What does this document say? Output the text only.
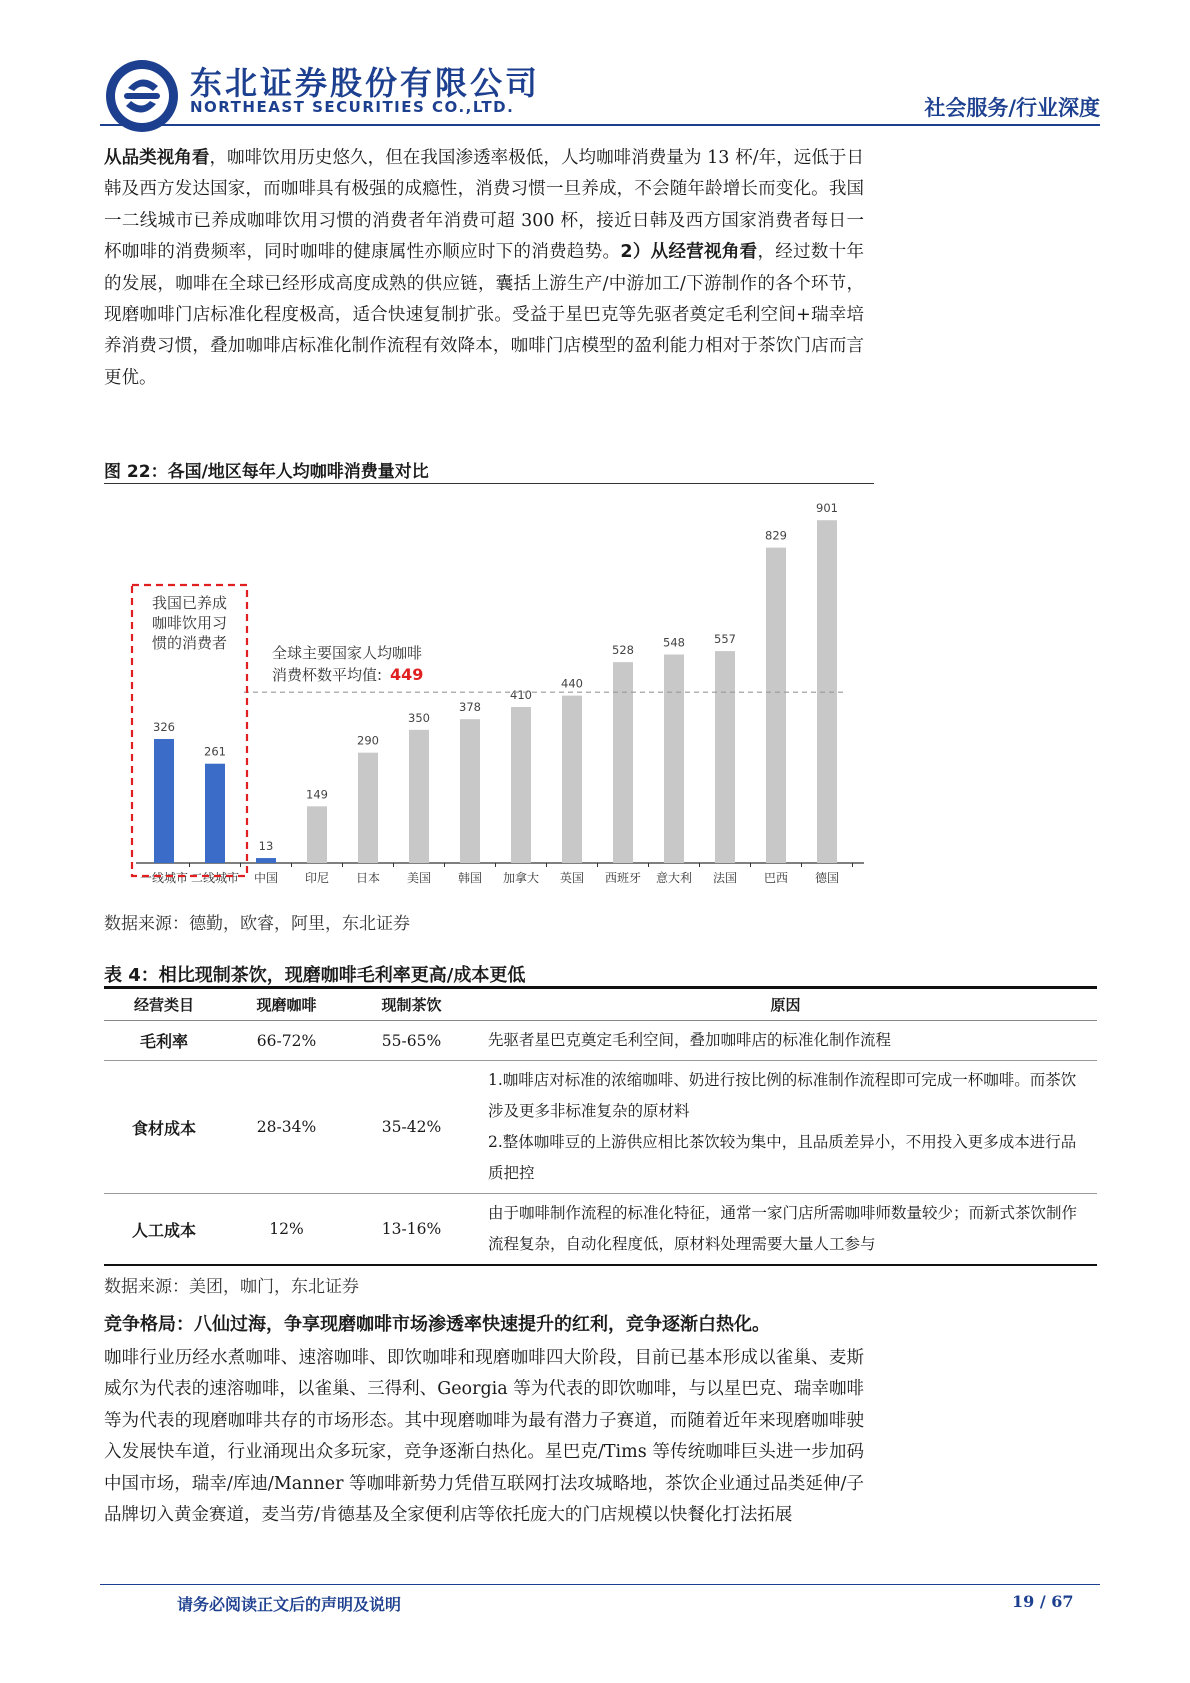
东北证券股份有限公司
NORTHEAST SECURITIES CO.,LTD.	社会服务/行业深度

从品类视角看，咖啡饮用历史悠久，但在我国渗透率极低，人均咖啡消费量为 13 杯/年，远低于日韩及西方发达国家，而咖啡具有极强的成瘾性，消费习惯一旦养成，不会随年龄增长而变化。我国一二线城市已养成咖啡饮用习惯的消费者年消费可超 300 杯，接近日韩及西方国家消费者每日一杯咖啡的消费频率，同时咖啡的健康属性亦顺应时下的消费趋势。2）从经营视角看，经过数十年的发展，咖啡在全球已经形成高度成熟的供应链，囊括上游生产/中游加工/下游制作的各个环节，现磨咖啡门店标准化程度极高，适合快速复制扩张。受益于星巴克等先驱者奠定毛利空间+瑞幸培养消费习惯，叠加咖啡店标准化制作流程有效降本，咖啡门店模型的盈利能力相对于茶饮门店而言更优。

图 22：各国/地区每年人均咖啡消费量对比
326
一线城市
261
二线城市
13
中国
149
印尼
290
日本
350
美国
378
韩国
410
加拿大
440
英国
528
西班牙
548
意大利
557
法国
829
巴西
901
德国
全球主要国家人均咖啡
消费杯数平均值: 449
我国已养成
咖啡饮用习
惯的消费者
数据来源：德勤，欧睿，阿里，东北证券
表 4：相比现制茶饮，现磨咖啡毛利率更高/成本更低
经营类目	现磨咖啡	现制茶饮	原因
毛利率	66-72%	55-65%	先驱者星巴克奠定毛利空间，叠加咖啡店的标准化制作流程

食材成本	28-34%	35-42%	1.咖啡店对标准的浓缩咖啡、奶进行按比例的标准制作流程即可完成一杯咖啡。而茶饮涉及更多非标准复杂的原材料
2.整体咖啡豆的上游供应相比茶饮较为集中，且品质差异小，不用投入更多成本进行品质把控

人工成本	12%	13-16%	由于咖啡制作流程的标准化特征，通常一家门店所需咖啡师数量较少；而新式茶饮制作流程复杂，自动化程度低，原材料处理需要大量人工参与
数据来源：美团，咖门，东北证券
竞争格局：八仙过海，争享现磨咖啡市场渗透率快速提升的红利，竞争逐渐白热化。

咖啡行业历经水煮咖啡、速溶咖啡、即饮咖啡和现磨咖啡四大阶段，目前已基本形成以雀巢、麦斯威尔为代表的速溶咖啡，以雀巢、三得利、Georgia 等为代表的即饮咖啡，与以星巴克、瑞幸咖啡等为代表的现磨咖啡共存的市场形态。其中现磨咖啡为最有潜力子赛道，而随着近年来现磨咖啡驶入发展快车道，行业涌现出众多玩家，竞争逐渐白热化。星巴克/Tims 等传统咖啡巨头进一步加码中国市场，瑞幸/库迪/Manner 等咖啡新势力凭借互联网打法攻城略地，茶饮企业通过品类延伸/子品牌切入黄金赛道，麦当劳/肯德基及全家便利店等依托庞大的门店规模以快餐化打法拓展

请务必阅读正文后的声明及说明	19 / 67
